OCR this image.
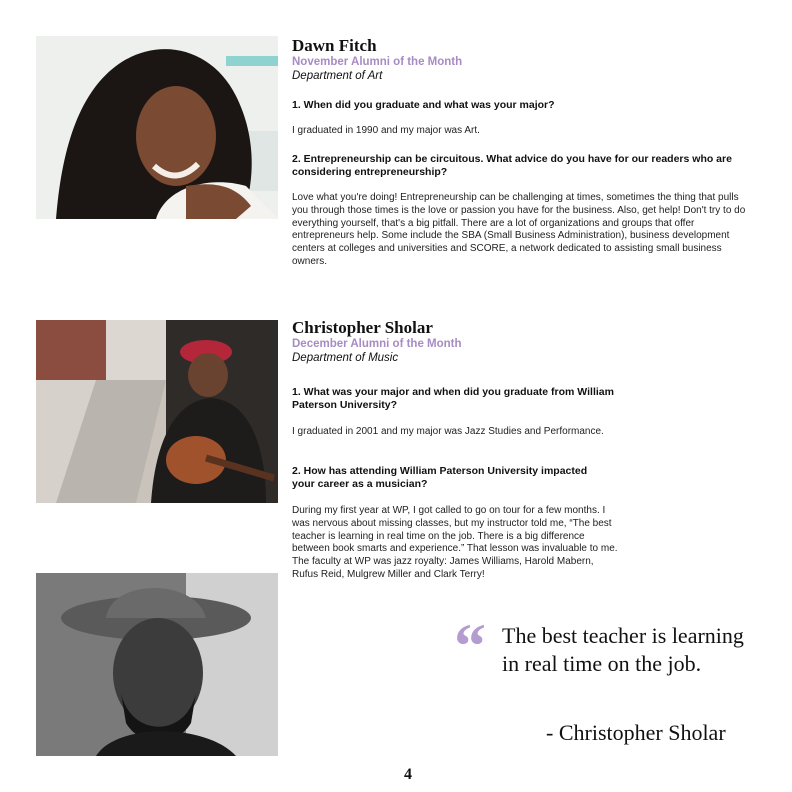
Dawn Fitch

November Alumni of the Month

Department of Art

1. When did you graduate and what was your major?

I graduated in 1990 and my major was Art.

2. Entrepreneurship can be circuitous. What advice do you have for our readers who are considering entrepreneurship?

Love what you're doing! Entrepreneurship can be challenging at times, sometimes the thing that pulls you through those times is the love or passion you have for the business. Also, get help! Don't try to do everything yourself, that's a big pitfall. There are a lot of organizations and groups that offer entrepreneurs help. Some include the SBA (Small Business Administration), business development centers at colleges and universities and SCORE, a network dedicated to assisting small business owners.

Christopher Sholar

December Alumni of the Month

Department of Music

1. What was your major and when did you graduate from William Paterson University?

I graduated in 2001 and my major was Jazz Studies and Performance.

2. How has attending William Paterson University impacted your career as a musician?

During my first year at WP, I got called to go on tour for a few months. I was nervous about missing classes, but my instructor told me, “The best teacher is learning in real time on the job. There is a big difference between book smarts and experience.” That lesson was invaluable to me. The faculty at WP was jazz royalty: James Williams, Harold Mabern, Rufus Reid, Mulgrew Miller and Clark Terry!

“ The best teacher is learning in real time on the job.

- Christopher Sholar

4
